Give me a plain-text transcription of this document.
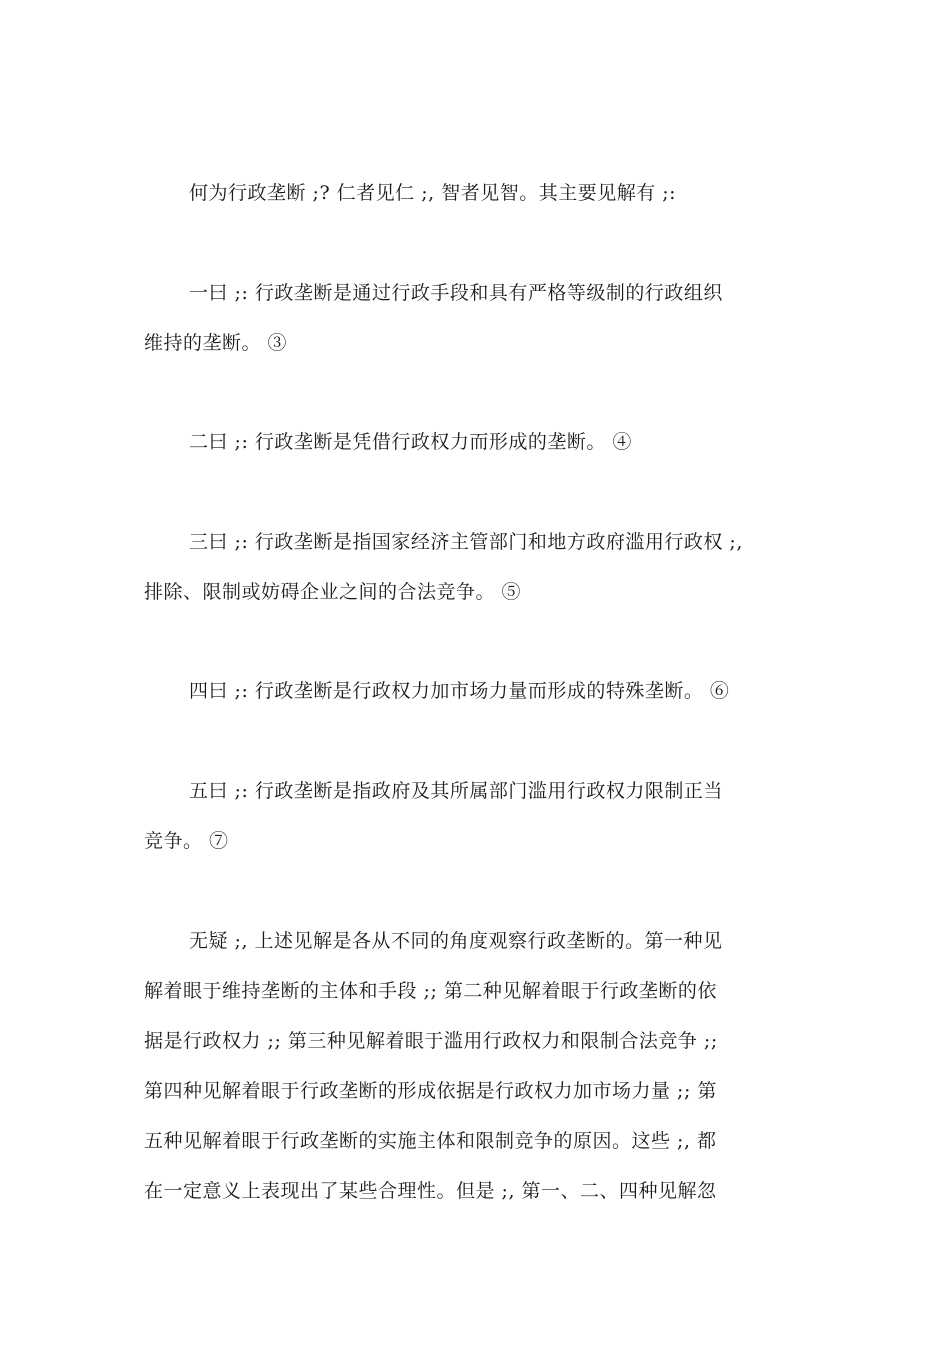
何为行政垄断 ;? 仁者见仁 ;, 智者见智。其主要见解有 ;:
一曰 ;: 行政垄断是通过行政手段和具有严格等级制的行政组织
维持的垄断。 ③
二曰 ;: 行政垄断是凭借行政权力而形成的垄断。 ④
三曰 ;: 行政垄断是指国家经济主管部门和地方政府滥用行政权 ;,
排除、限制或妨碍企业之间的合法竞争。 ⑤
四曰 ;: 行政垄断是行政权力加市场力量而形成的特殊垄断。 ⑥
五曰 ;: 行政垄断是指政府及其所属部门滥用行政权力限制正当
竞争。 ⑦
无疑 ;, 上述见解是各从不同的角度观察行政垄断的。第一种见
解着眼于维持垄断的主体和手段 ;; 第二种见解着眼于行政垄断的依
据是行政权力 ;; 第三种见解着眼于滥用行政权力和限制合法竞争 ;;
第四种见解着眼于行政垄断的形成依据是行政权力加市场力量 ;; 第
五种见解着眼于行政垄断的实施主体和限制竞争的原因。这些 ;, 都
在一定意义上表现出了某些合理性。但是 ;, 第一、二、四种见解忽
